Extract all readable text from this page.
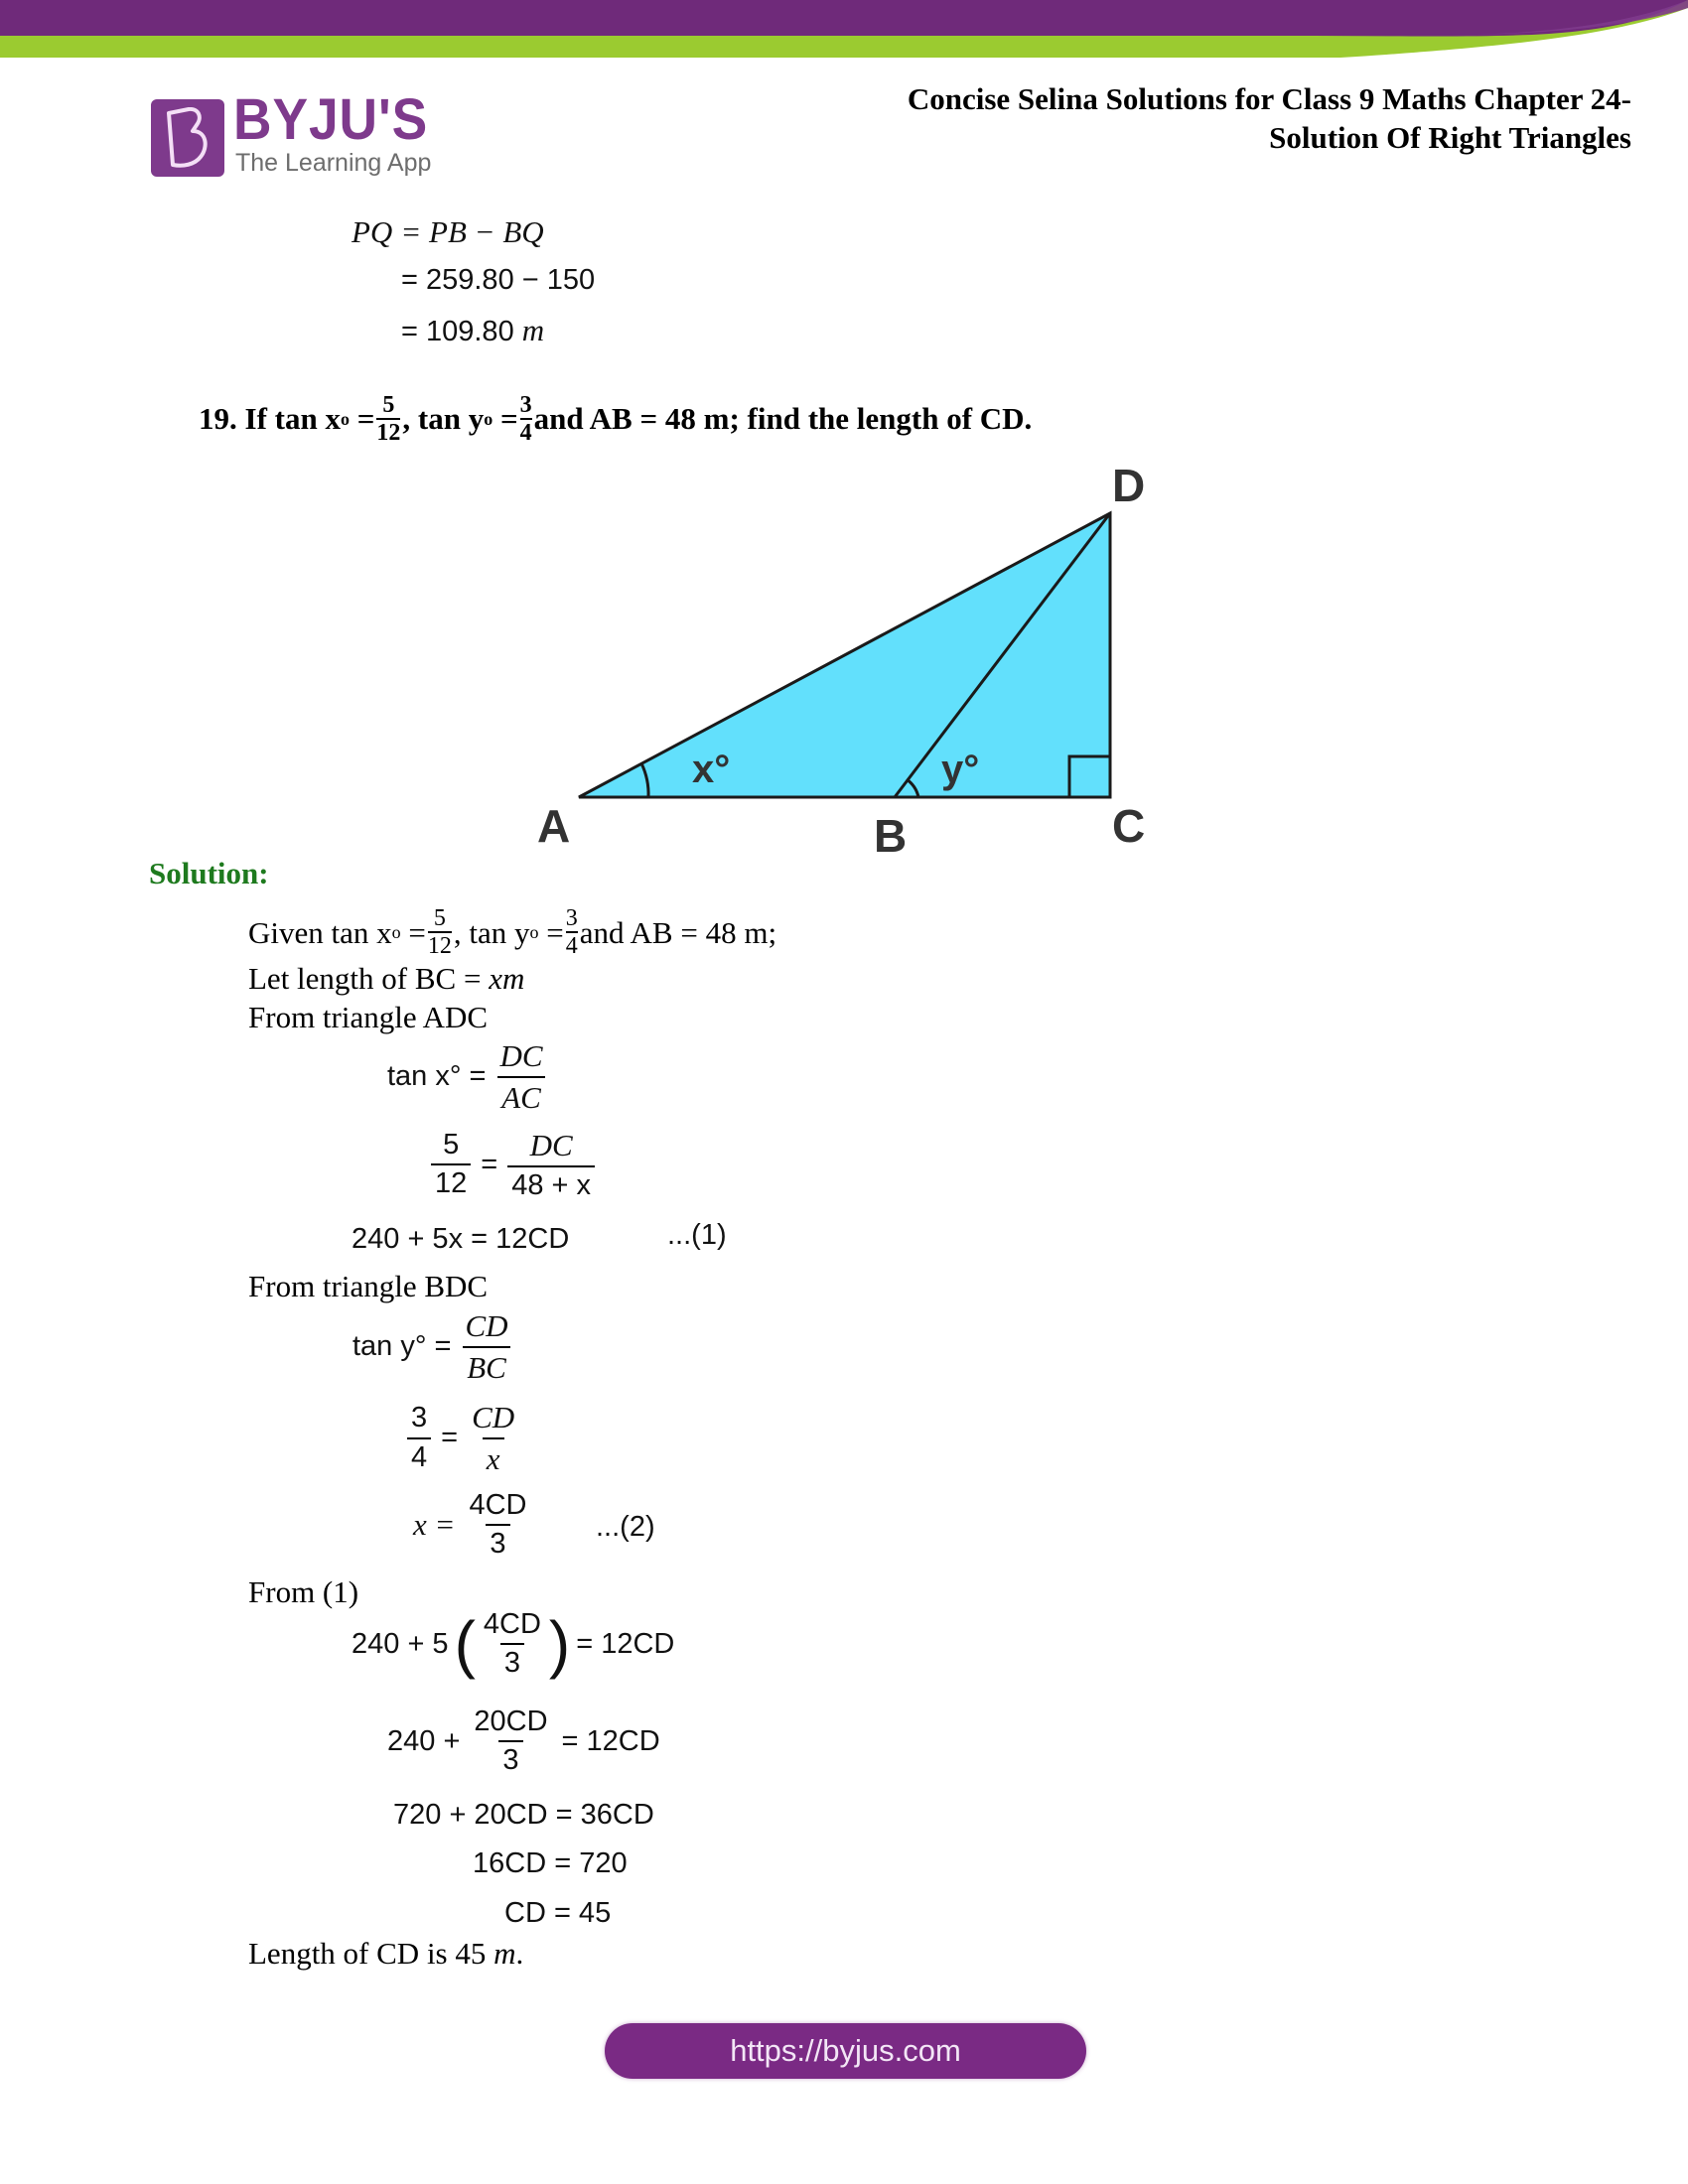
BYJU'S
The Learning App
Concise Selina Solutions for Class 9 Maths Chapter 24-
Solution Of Right Triangles
PQ = PB − BQ
= 259.80 − 150
= 109.80 m
19.
If tan x o
= $\frac{5}{12}$ , tan y o
= $\frac{3}{4}$ and AB = 48 m; find the length of CD.
x°	y°
A	B	C
D
Solution:
Given tan x $o = \frac{5}{12}$ , tan y $o = \frac{3}{4}$ and AB = 48 m;
Let length of BC = xm
From triangle ADC
$\tan x^\circ = \frac{DC}{AC}$
$\frac{5}{12} = \frac{DC}{48 + x}$
240 + 5x = 12CD	...(1)
From triangle BDC
$\tan y^\circ = \frac{CD}{BC}$
$\frac{3}{4} = \frac{CD}{x}$
$x = \frac{4CD}{3} ...(2)$
From (1)
240 + 5 ( $\frac{4CD}{3}$ ) = 12CD
$240 + \frac{20CD}{3} = 12CD$
720 + 20CD = 36CD
16CD = 720
CD = 45
Length of CD is 45 m.
https://byjus.com
